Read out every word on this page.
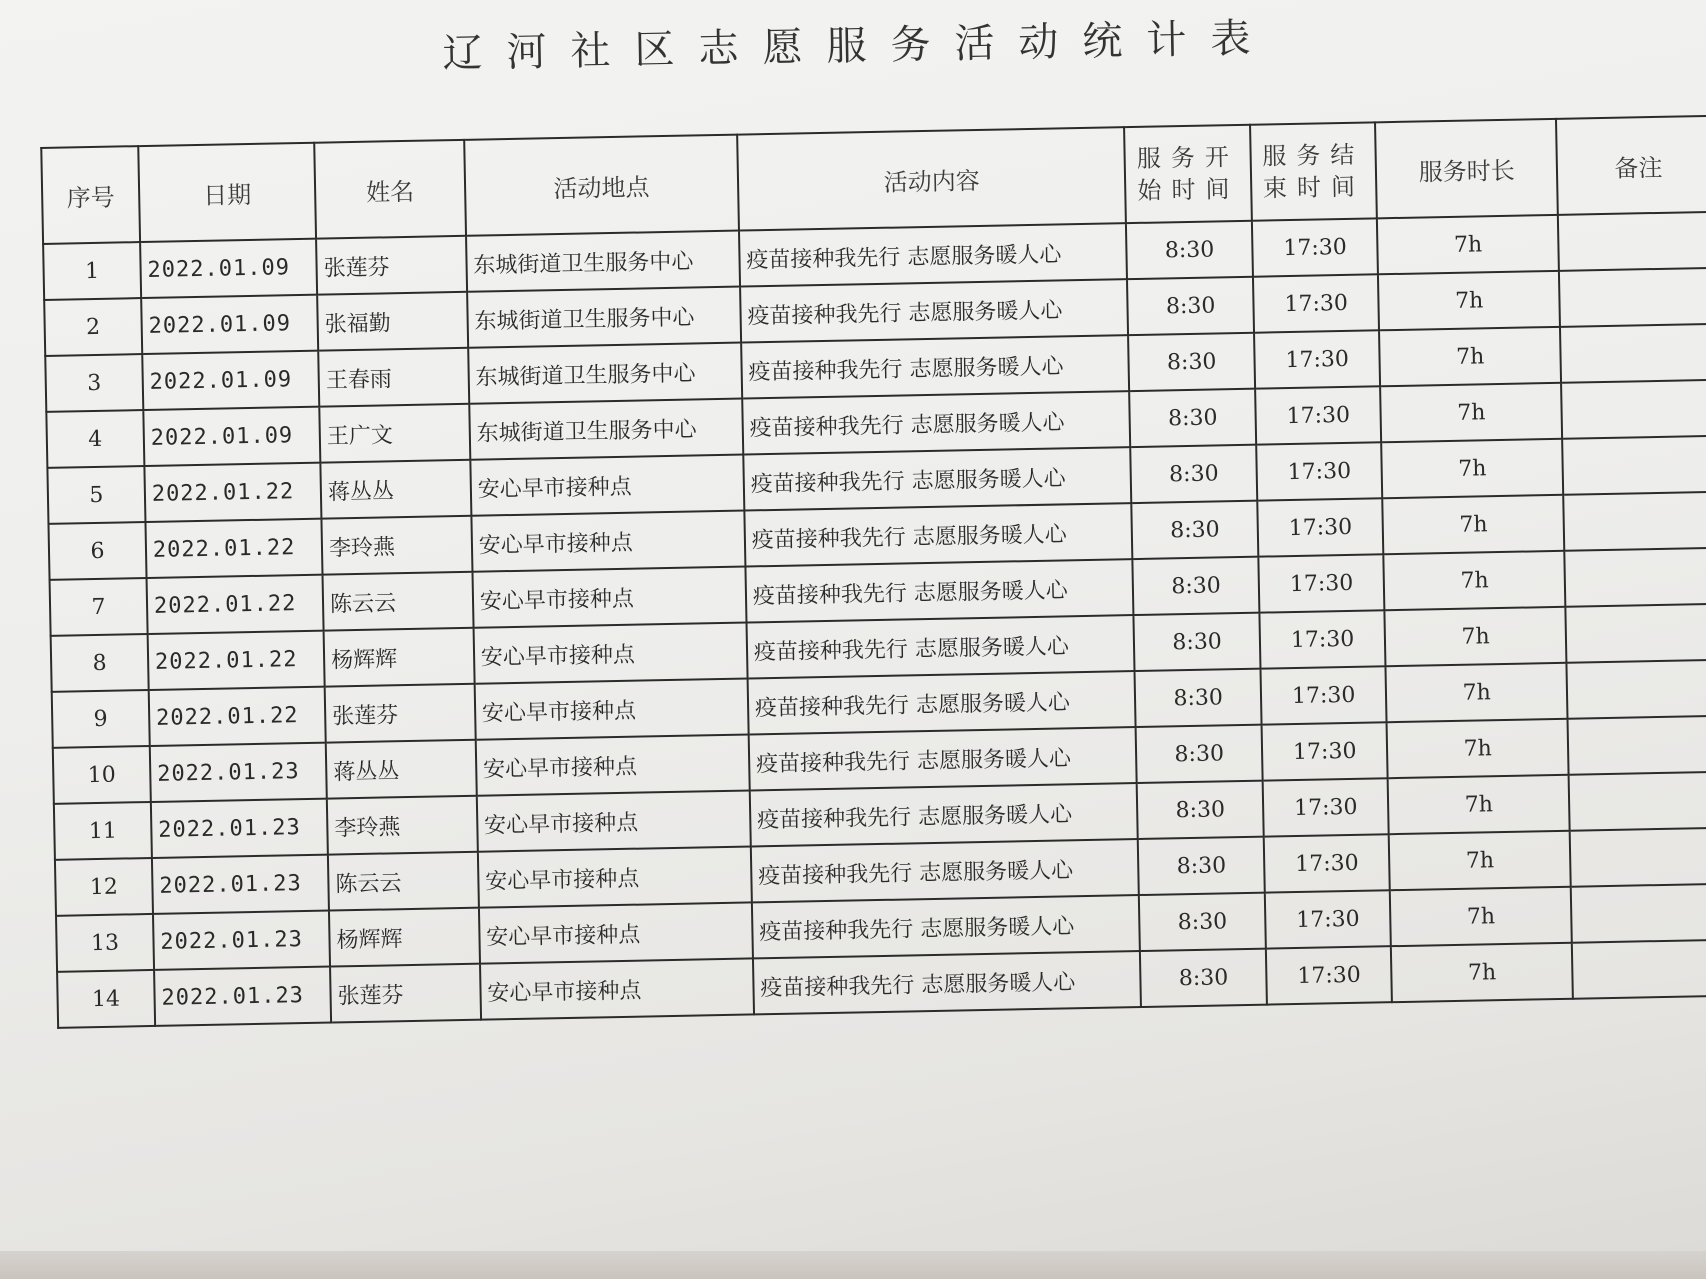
辽河社区志愿服务活动统计表
序号	日期	姓名	活动地点	活动内容	服务开始时间	服务结束时间	服务时长	备注
1	2022.01.09	张莲芬	东城街道卫生服务中心	疫苗接种我先行 志愿服务暖人心	8:30	17:30	7h	
2	2022.01.09	张福勤	东城街道卫生服务中心	疫苗接种我先行 志愿服务暖人心	8:30	17:30	7h	
3	2022.01.09	王春雨	东城街道卫生服务中心	疫苗接种我先行 志愿服务暖人心	8:30	17:30	7h	
4	2022.01.09	王广文	东城街道卫生服务中心	疫苗接种我先行 志愿服务暖人心	8:30	17:30	7h	
5	2022.01.22	蒋丛丛	安心早市接种点	疫苗接种我先行 志愿服务暖人心	8:30	17:30	7h	
6	2022.01.22	李玲燕	安心早市接种点	疫苗接种我先行 志愿服务暖人心	8:30	17:30	7h	
7	2022.01.22	陈云云	安心早市接种点	疫苗接种我先行 志愿服务暖人心	8:30	17:30	7h	
8	2022.01.22	杨辉辉	安心早市接种点	疫苗接种我先行 志愿服务暖人心	8:30	17:30	7h	
9	2022.01.22	张莲芬	安心早市接种点	疫苗接种我先行 志愿服务暖人心	8:30	17:30	7h	
10	2022.01.23	蒋丛丛	安心早市接种点	疫苗接种我先行 志愿服务暖人心	8:30	17:30	7h	
11	2022.01.23	李玲燕	安心早市接种点	疫苗接种我先行 志愿服务暖人心	8:30	17:30	7h	
12	2022.01.23	陈云云	安心早市接种点	疫苗接种我先行 志愿服务暖人心	8:30	17:30	7h	
13	2022.01.23	杨辉辉	安心早市接种点	疫苗接种我先行 志愿服务暖人心	8:30	17:30	7h	
14	2022.01.23	张莲芬	安心早市接种点	疫苗接种我先行 志愿服务暖人心	8:30	17:30	7h	
